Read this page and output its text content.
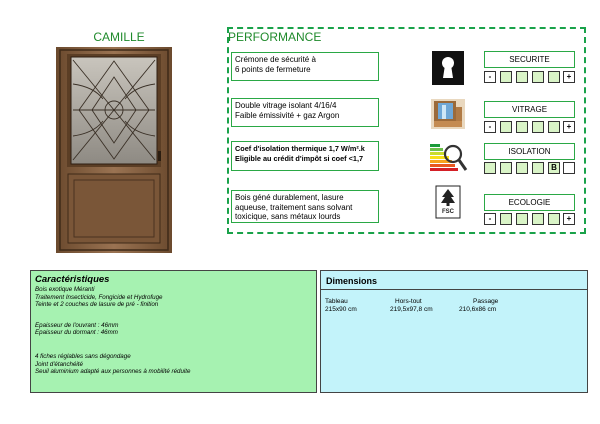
CAMILLE	PERFORMANCE
Crémone de sécurité à
6 points de fermeture
Double vitrage isolant 4/16/4
Faible émissivité + gaz Argon
Coef d'isolation thermique 1,7 W/m².k
Eligible au crédit d'impôt si coef <1,7
Bois géné durablement, lasure
aqueuse, traitement sans solvant
toxicique, sans métaux lourds	FSC
SECURITE
-	+
VITRAGE
-	+
ISOLATION
B
ECOLOGIE
-	+
Caractéristiques
Bois exotique Méranti
Traitement Insecticide, Fongicide et Hydrofuge
Teinte et 2 couches de lasure de pré - finition
Epaisseur de l'ouvrant : 46mm
Epaisseur du dormant : 46mm
4 fiches réglables sans dégondage
Joint d'étanchéité
Seuil aluminium adapté aux personnes à mobilité réduite
Dimensions
Tableau	Hors-tout	Passage
215x90 cm	219,5x97,8 cm	210,6x86 cm
